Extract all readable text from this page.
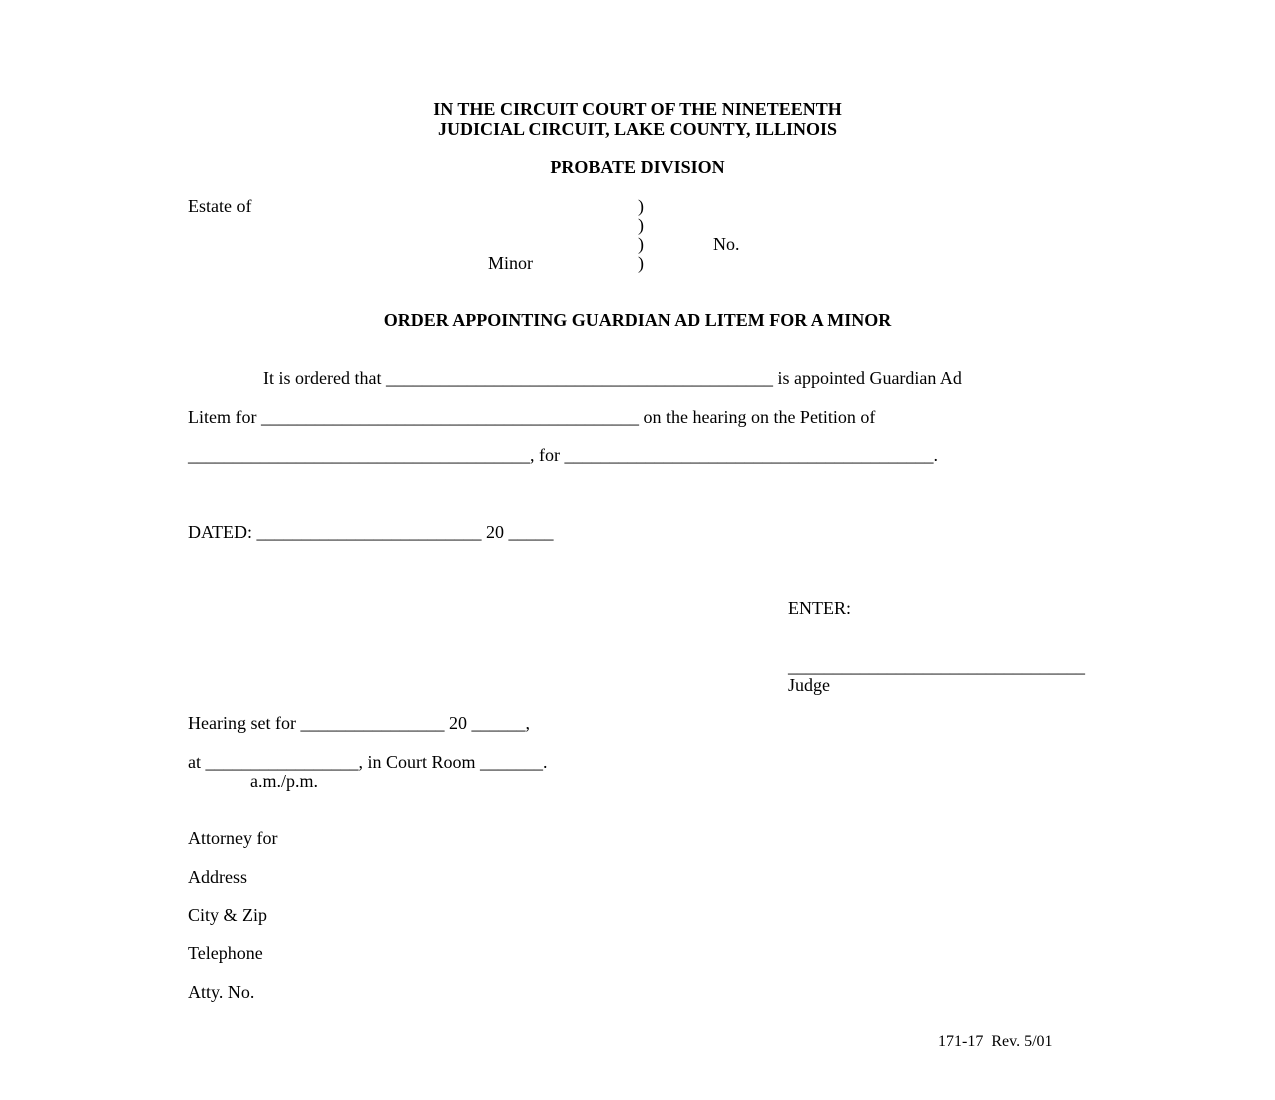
IN THE CIRCUIT COURT OF THE NINETEENTH
JUDICIAL CIRCUIT, LAKE COUNTY, ILLINOIS
PROBATE DIVISION
Estate of	)
)
)	No.
Minor	)
ORDER APPOINTING GUARDIAN AD LITEM FOR A MINOR
It is ordered that ___________________________________________ is appointed Guardian Ad
Litem for __________________________________________ on the hearing on the Petition of
______________________________________, for _________________________________________.
DATED: _________________________ 20 _____
ENTER:
_________________________________
Judge
Hearing set for ________________ 20 ______,
at _________________, in Court Room _______.
a.m./p.m.
Attorney for
Address
City & Zip
Telephone
Atty. No.
171-17  Rev. 5/01
